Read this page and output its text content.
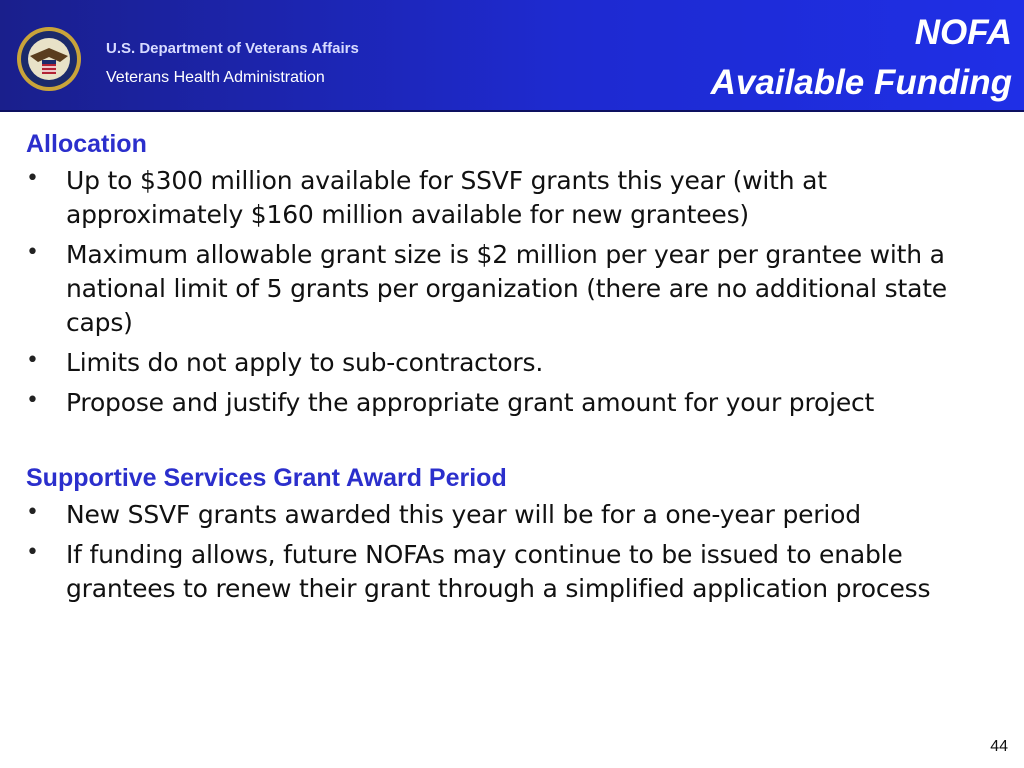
U.S. Department of Veterans Affairs
Veterans Health Administration
NOFA
Available Funding
Allocation
• Up to $300 million available for SSVF grants this year (with at approximately $160 million available for new grantees)
• Maximum allowable grant size is $2 million per year per grantee with a national limit of 5 grants per organization (there are no additional state caps)
• Limits do not apply to sub-contractors.
• Propose and justify the appropriate grant amount for your project
Supportive Services Grant Award Period
• New SSVF grants awarded this year will be for a one-year period
• If funding allows, future NOFAs may continue to be issued to enable grantees to renew their grant through a simplified application process
44
